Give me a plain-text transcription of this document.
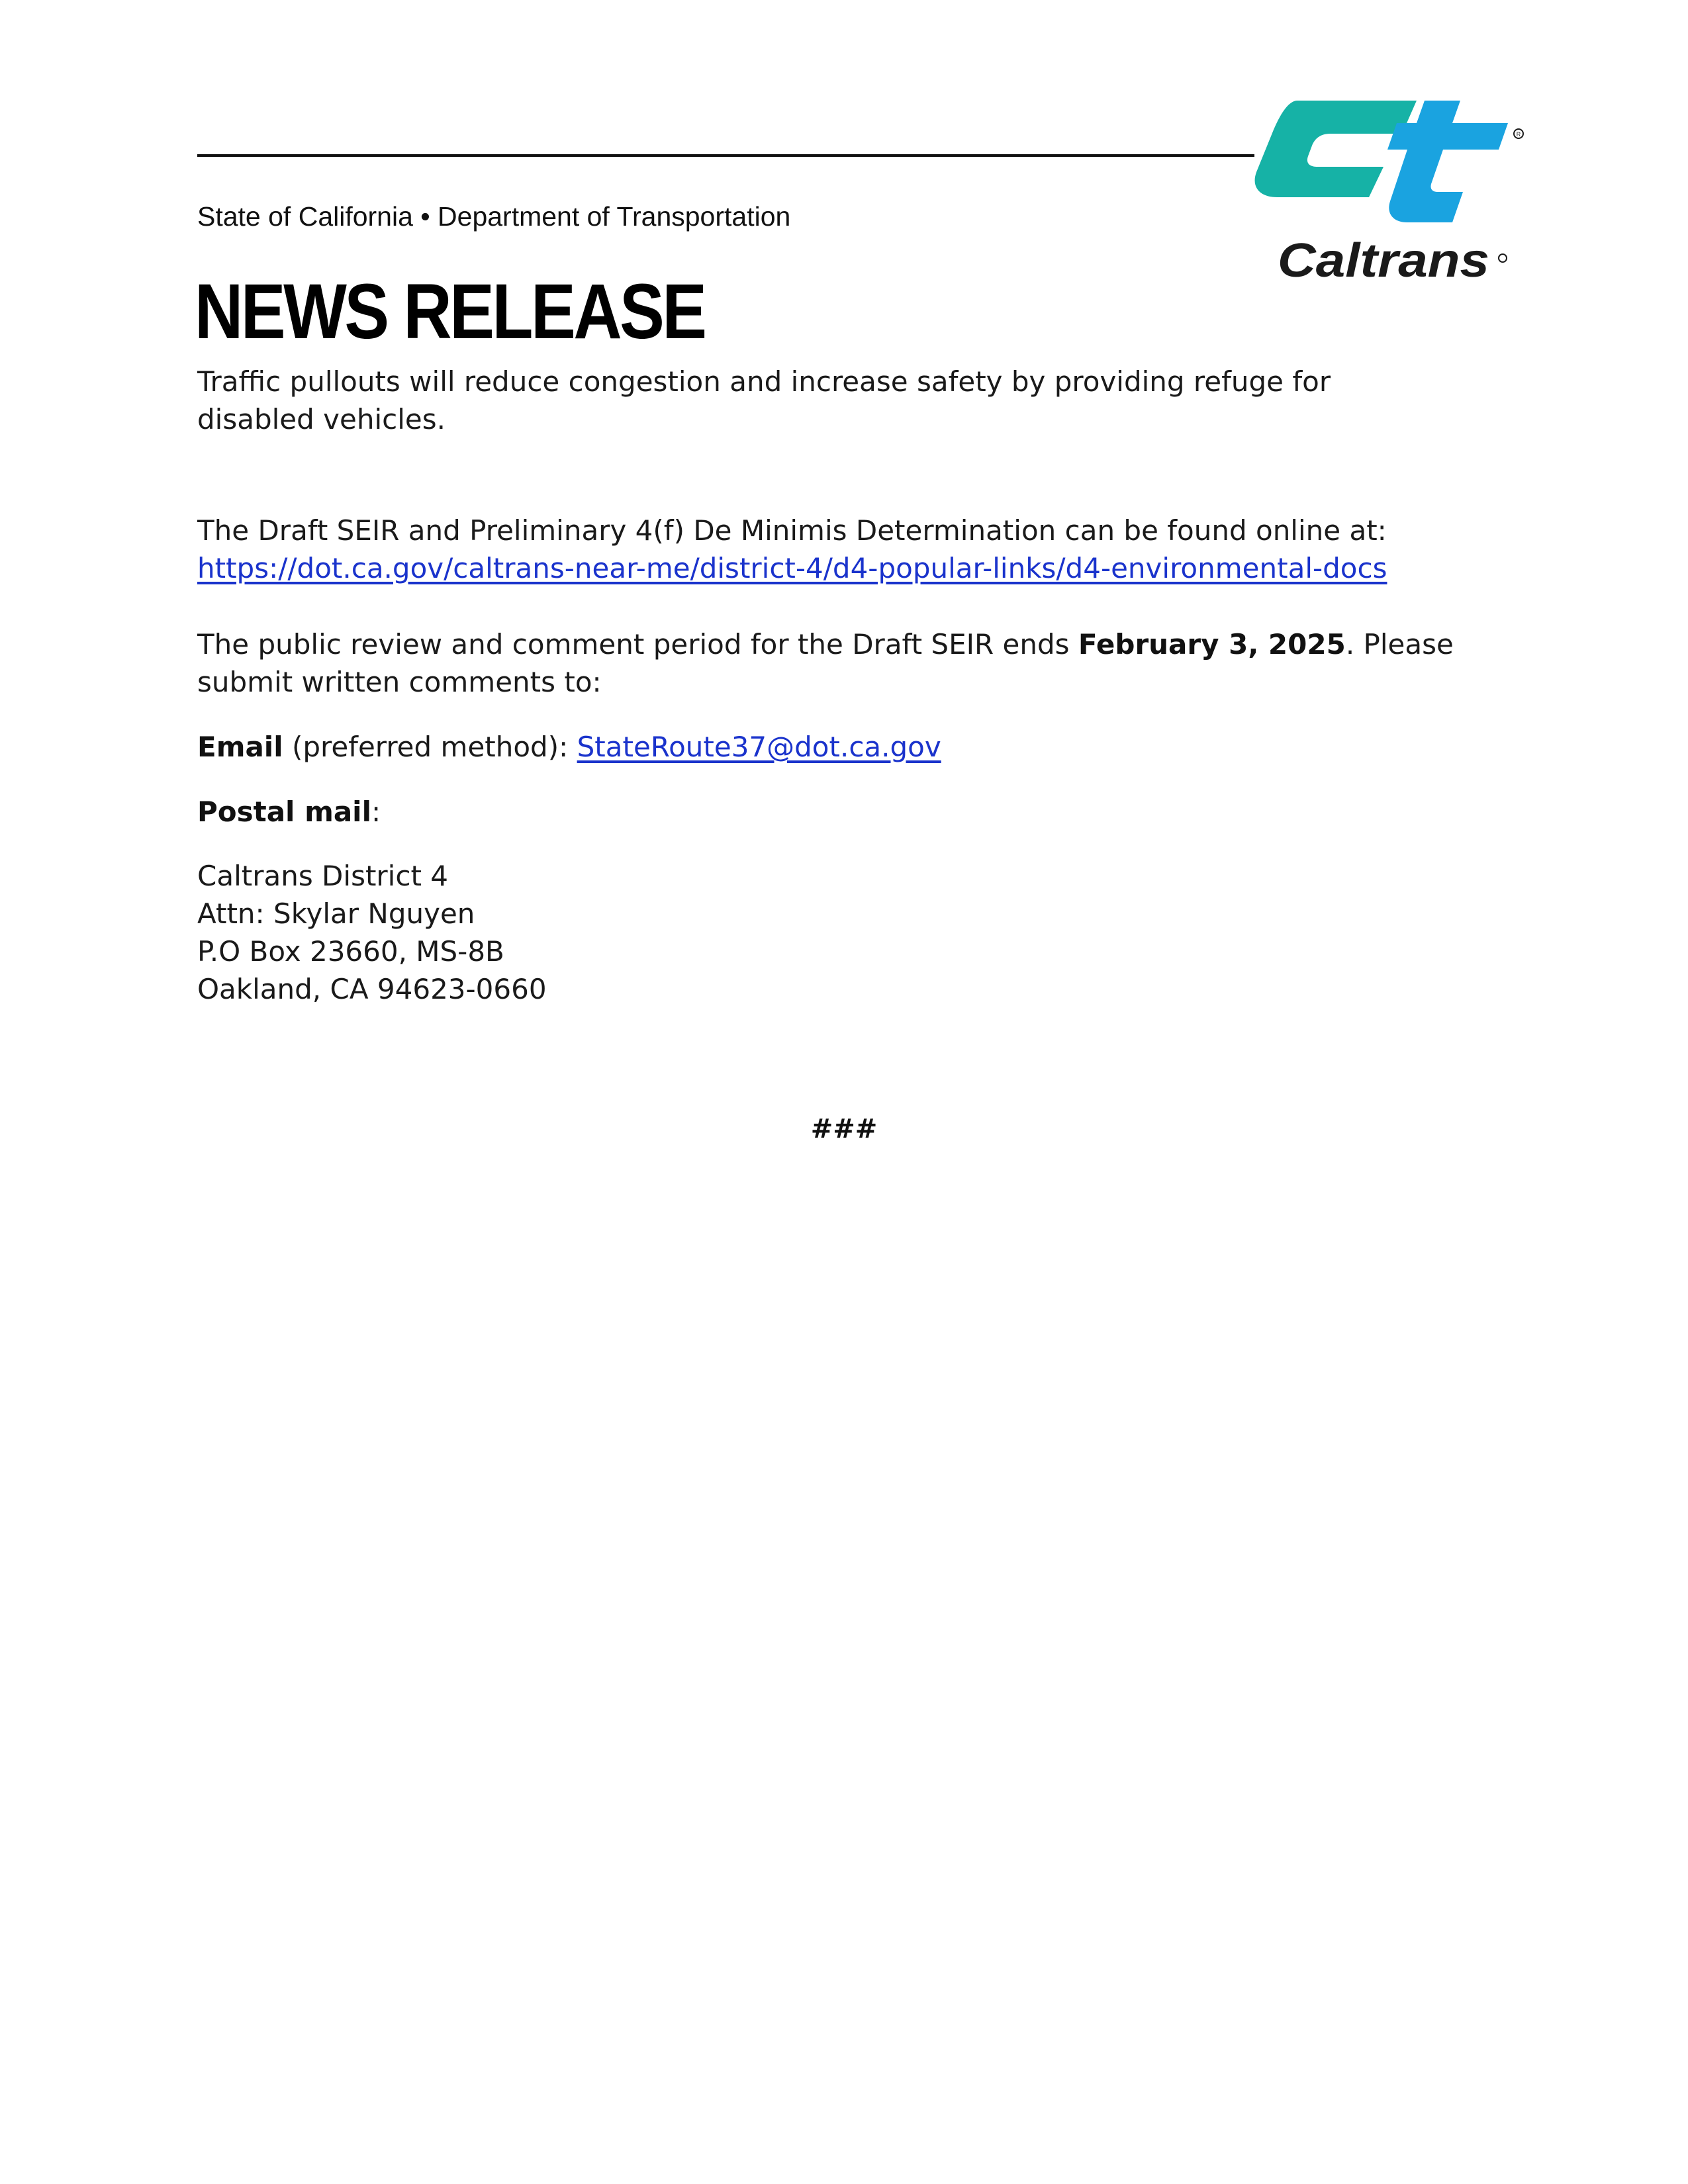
R
Caltrans
State of California • Department of Transportation
NEWS RELEASE
Traffic pullouts will reduce congestion and increase safety by providing refuge for
disabled vehicles.
The Draft SEIR and Preliminary 4(f) De Minimis Determination can be found online at:
https://dot.ca.gov/caltrans-near-me/district-4/d4-popular-links/d4-environmental-docs
The public review and comment period for the Draft SEIR ends February 3, 2025. Please
submit written comments to:
Email (preferred method): StateRoute37@dot.ca.gov
Postal mail:
Caltrans District 4
Attn: Skylar Nguyen
P.O Box 23660, MS-8B
Oakland, CA 94623-0660
###
